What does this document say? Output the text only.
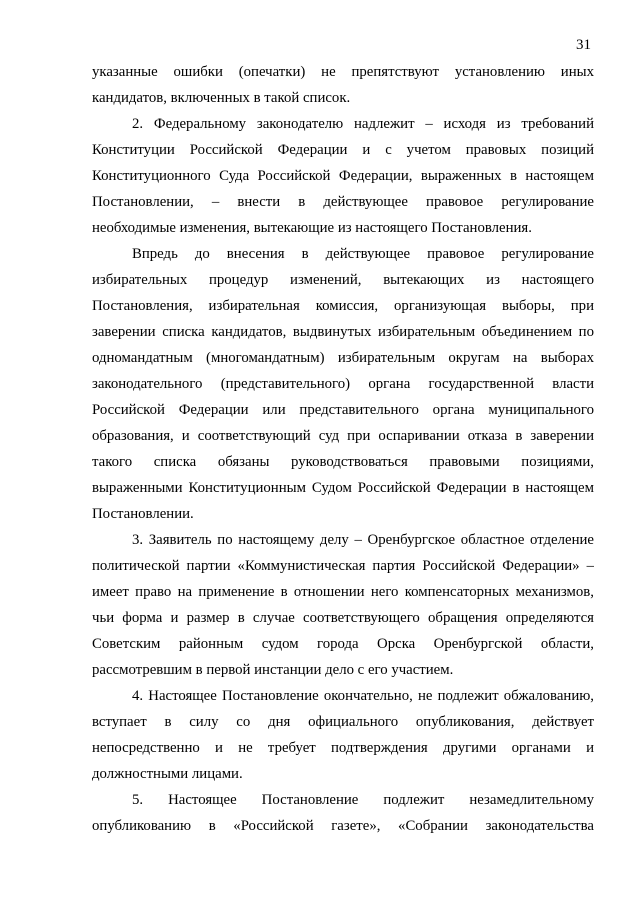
31
указанные ошибки (опечатки) не препятствуют установлению иных
кандидатов, включенных в такой список.
2. Федеральному законодателю надлежит – исходя из требований
Конституции Российской Федерации и с учетом правовых позиций
Конституционного Суда Российской Федерации, выраженных в настоящем
Постановлении, – внести в действующее правовое регулирование
необходимые изменения, вытекающие из настоящего Постановления.
Впредь до внесения в действующее правовое регулирование
избирательных процедур изменений, вытекающих из настоящего
Постановления, избирательная комиссия, организующая выборы, при
заверении списка кандидатов, выдвинутых избирательным объединением по
одномандатным (многомандатным) избирательным округам на выборах
законодательного (представительного) органа государственной власти
Российской Федерации или представительного органа муниципального
образования, и соответствующий суд при оспаривании отказа в заверении
такого списка обязаны руководствоваться правовыми позициями,
выраженными Конституционным Судом Российской Федерации в настоящем
Постановлении.
3. Заявитель по настоящему делу – Оренбургское областное отделение
политической партии «Коммунистическая партия Российской Федерации» –
имеет право на применение в отношении него компенсаторных механизмов,
чьи форма и размер в случае соответствующего обращения определяются
Советским районным судом города Орска Оренбургской области,
рассмотревшим в первой инстанции дело с его участием.
4. Настоящее Постановление окончательно, не подлежит обжалованию,
вступает в силу со дня официального опубликования, действует
непосредственно и не требует подтверждения другими органами и
должностными лицами.
5. Настоящее Постановление подлежит незамедлительному
опубликованию в «Российской газете», «Собрании законодательства
